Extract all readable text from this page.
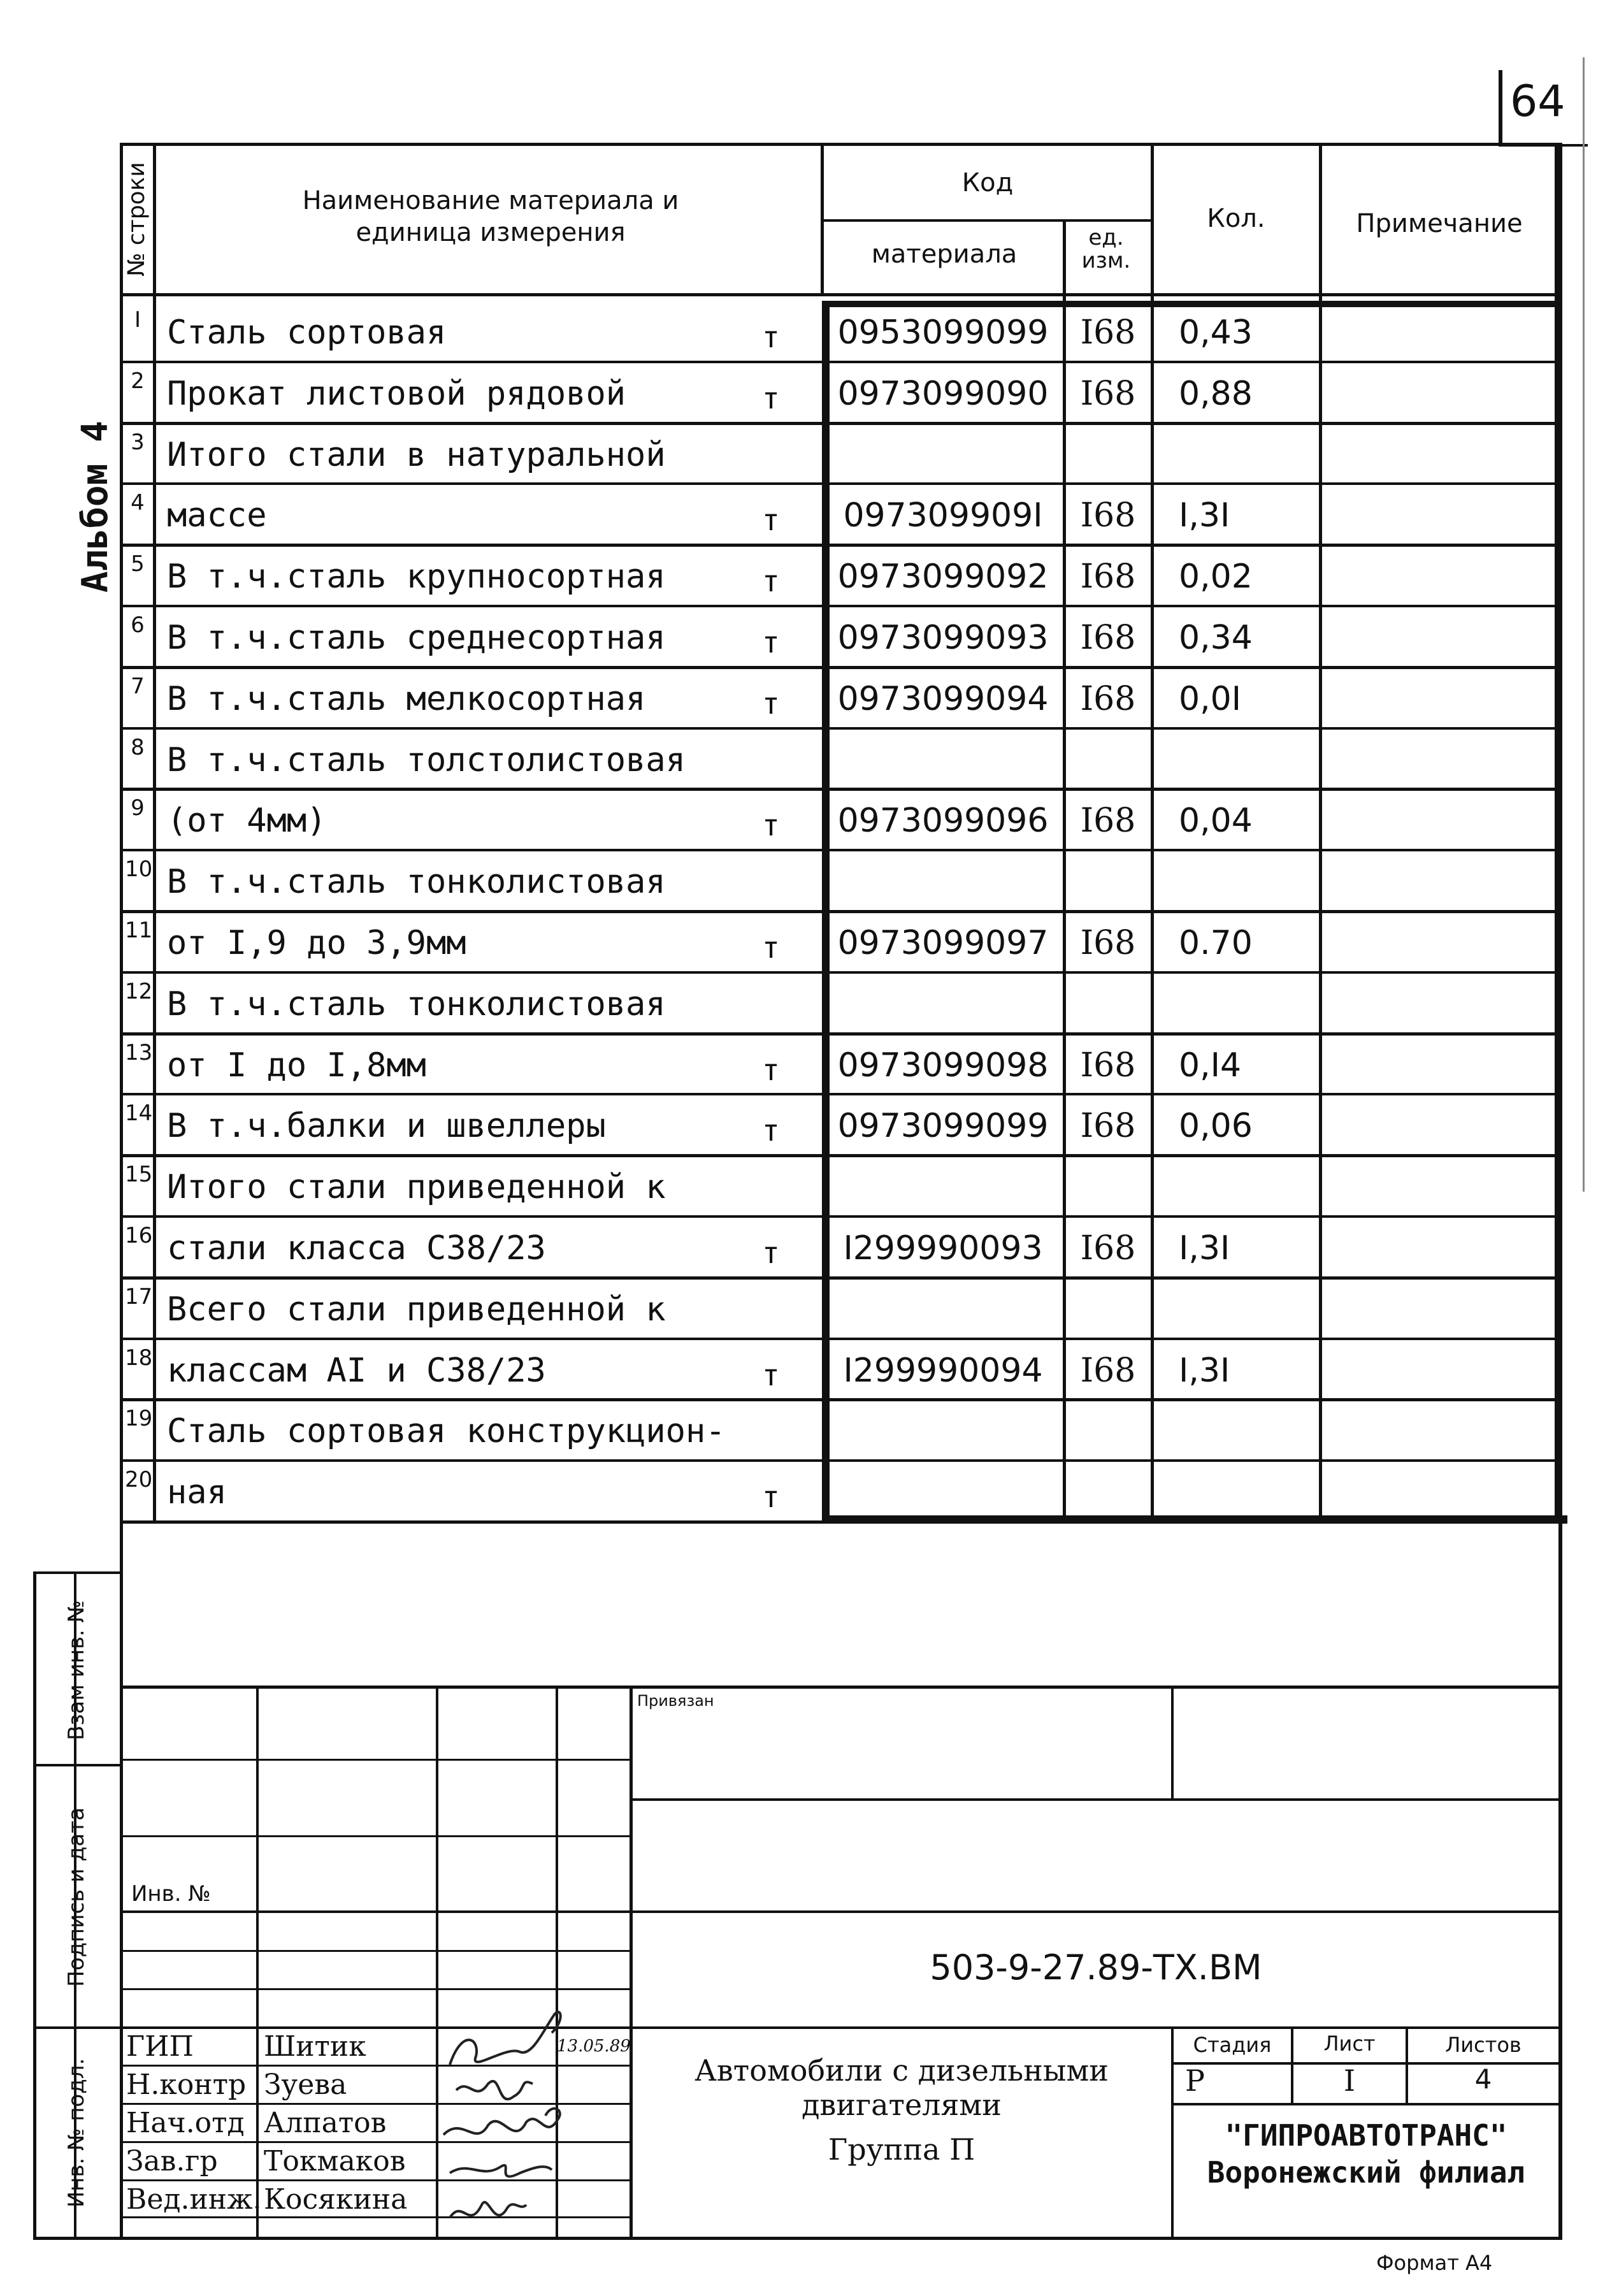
64
Альбом 4
№ строки	Наименование материала и единица измерения
Код
материала
ед. изм.
Кол.	Примечание
I Сталь сортовая	т	0953099099 I68	0,43
2 Прокат листовой рядовой	т	0973099090 I68	0,88
3 Итого стали в натуральной
4 массе	т	097309909I	I68	I,3I
5 В т.ч.сталь крупносортная	т	0973099092 I68	0,02
6 В т.ч.сталь среднесортная	т	0973099093 I68	0,34
7 В т.ч.сталь мелкосортная	т	0973099094 I68	0,0I
8 В т.ч.сталь толстолистовая
9 (от 4мм)	т	0973099096 I68	0,04
10 В т.ч.сталь тонколистовая
11 от I,9 до 3,9мм	т	0973099097 I68	0.70
12 В т.ч.сталь тонколистовая
13 от I до I,8мм	т	0973099098 I68	0,I4
14 В т.ч.балки и швеллеры	т	0973099099 I68	0,06
15 Итого стали приведенной к
16 стали класса С38/23	т	I299990093	I68	I,3I
17 Всего стали приведенной к
18 классам АI и С38/23	т	I299990094	I68	I,3I
19 Сталь сортовая конструкцион-
20 ная	т
Взам инв. №
Подпись и дата
Инв. № подл.
Привязан
Инв. №
503-9-27.89-ТХ.ВМ
Автомобили с дизельными
двигателями
Группа П
Стадия	Лист	Листов
Р	I	4
"ГИПРОАВТОТРАНС"
Воронежский филиал
ГИП	Шитик
Н.контр Зуева
Нач.отд Алпатов
Зав.гр Токмаков
Вед.инж. Косякина
13.05.89
Формат А4
